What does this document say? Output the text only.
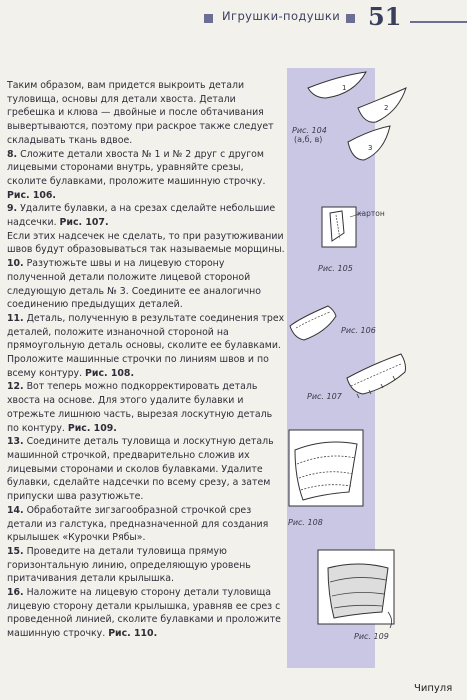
Игрушки-подушки 51

Таким образом, вам придется выкроить детали туловища, основы для детали хвоста. Детали гребешка и клюва — двойные и после обтачивания вывертываются, поэтому при раскрое также следует складывать ткань вдвое.

8. Сложите детали хвоста № 1 и № 2 друг с другом лицевыми сторонами внутрь, уравняйте срезы, сколите булавками, проложите машинную строчку. Рис. 106.

9. Удалите булавки, а на срезах сделайте небольшие надсечки. Рис. 107.

Если этих надсечек не сделать, то при разутюживании швов будут образовываться так называемые морщины.

10. Разутюжьте швы и на лицевую сторону полученной детали положите лицевой стороной следующую деталь № 3. Соедините ее аналогично соединению предыдущих деталей.

11. Деталь, полученную в результате соединения трех деталей, положите изнаночной стороной на прямоугольную деталь основы, сколите ее булавками. Проложите машинные строчки по линиям швов и по всему контуру. Рис. 108.

12. Вот теперь можно подкорректировать деталь хвоста на основе. Для этого удалите булавки и отрежьте лишнюю часть, вырезая лоскутную деталь по контуру. Рис. 109.

13. Соедините деталь туловища и лоскутную деталь машинной строчкой, предварительно сложив их лицевыми сторонами и сколов булавками. Удалите булавки, сделайте надсечки по всему срезу, а затем припуски шва разутюжьте.

14. Обработайте зигзагообразной строчкой срез детали из галстука, предназначенной для создания крылышек «Курочки Рябы».

15. Проведите на детали туловища прямую горизонтальную линию, определяющую уровень притачивания детали крылышка.

16. Наложите на лицевую сторону детали туловища лицевую сторону детали крылышка, уравняв ее срез с проведенной линией, сколите булавками и проложите машинную строчку. Рис. 110.

1
2
3
Рис. 104
(а,б, в)
картон
Рис. 105
Рис. 106
Рис. 107
Рис. 108
Рис. 109
Чипуля
